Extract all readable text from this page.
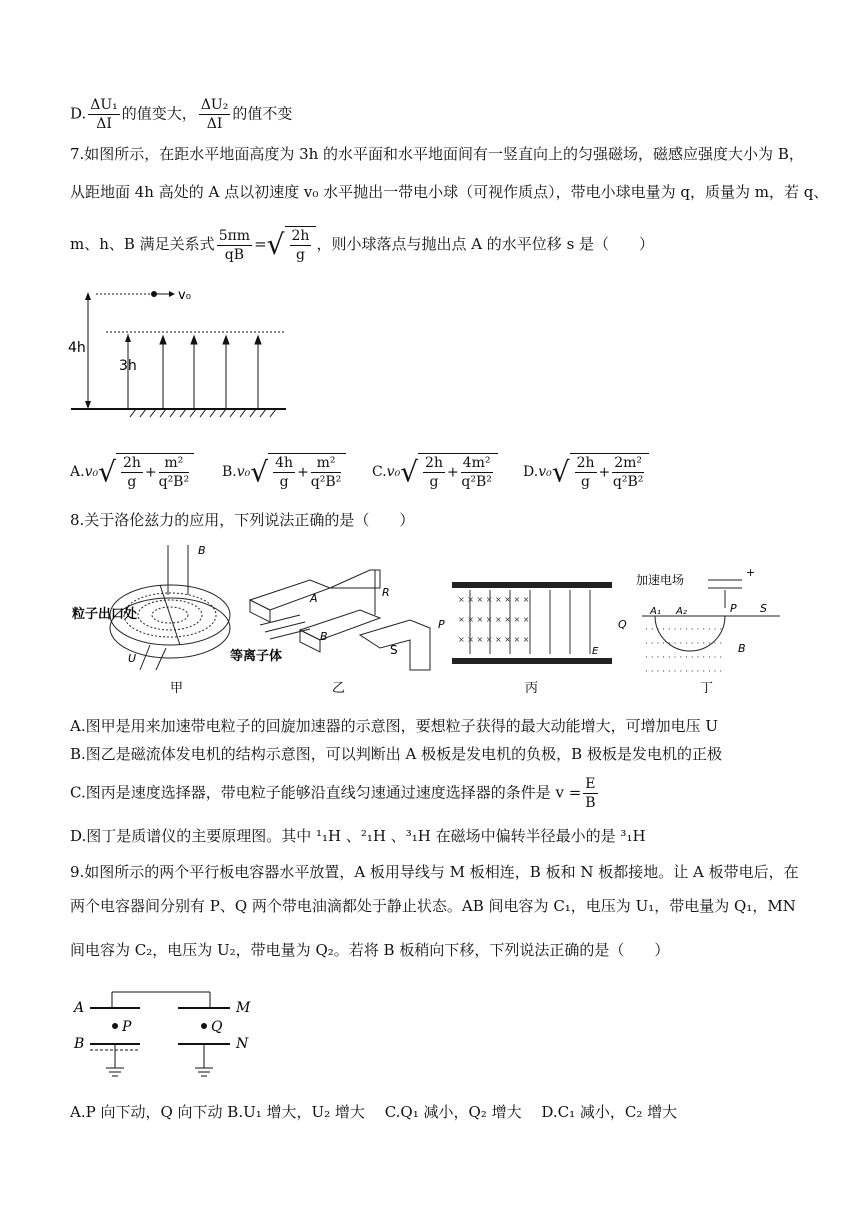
D. $\frac{\text{ΔU₁}}{\Delta I}$ 的值变大， $\frac{\text{ΔU₂}}{\Delta I}$ 的值不变
7.如图所示，在距水平地面高度为 3h 的水平面和水平地面间有一竖直向上的匀强磁场，磁感应强度大小为 B，
从距地面 4h 高处的 A 点以初速度 v₀ 水平抛出一带电小球（可视作质点），带电小球电量为 q，质量为 m，若 q、
m、h、B 满足关系式 $\frac{5\pi m}{qB}$ =√ $\frac{2h}{g}$ ，则小球落点与抛出点 A 的水平位移 s 是（　　）
v₀
4h
3h
$A.v_0√ \frac{2h}{g} + \frac{\text{m²}}{\text{q²B²}} B.v_0√ \frac{4h}{g} + \frac{\text{m²}}{\text{q²B²}} C.v_0√ \frac{2h}{g} + \frac{\text{4m²}}{\text{q²B²}} D.v_0√ \frac{2h}{g} + \frac{\text{2m²}}{\text{q²B²}}$
8.关于洛伦兹力的应用，下列说法正确的是（　　）
B
粒子出口处
U
甲
A
B
R
S
等离子体
乙
× × × × × × × ×
× × × × × × × ×
× × × × × × × ×
P	Q
E
丙
· · · · · · · · · · · · · ·
· · · · · · · · · · · · · ·
· · · · · · · · · · · · · ·
· · · · · · · · · · · · · ·
加速电场
+
A₁ A₂	P S
B
丁
A.图甲是用来加速带电粒子的回旋加速器的示意图，要想粒子获得的最大动能增大，可增加电压 U
B.图乙是磁流体发电机的结构示意图，可以判断出 A 极板是发电机的负极，B 极板是发电机的正极
C.图丙是速度选择器，带电粒子能够沿直线匀速通过速度选择器的条件是 $v = \frac{E}{B}$
D.图丁是质谱仪的主要原理图。其中 ¹₁H 、²₁H 、³₁H 在磁场中偏转半径最小的是 ³₁H
9.如图所示的两个平行板电容器水平放置，A 板用导线与 M 板相连，B 板和 N 板都接地。让 A 板带电后，在
两个电容器间分别有 P、Q 两个带电油滴都处于静止状态。AB 间电容为 C₁，电压为 U₁，带电量为 Q₁，MN
间电容为 C₂，电压为 U₂，带电量为 Q₂。若将 B 板稍向下移，下列说法正确的是（　　）
A
B
M
N
P	Q
A.P 向下动，Q 向下动 B.U₁ 增大，U₂ 增大　 C.Q₁ 减小，Q₂ 增大　 D.C₁ 减小，C₂ 增大
